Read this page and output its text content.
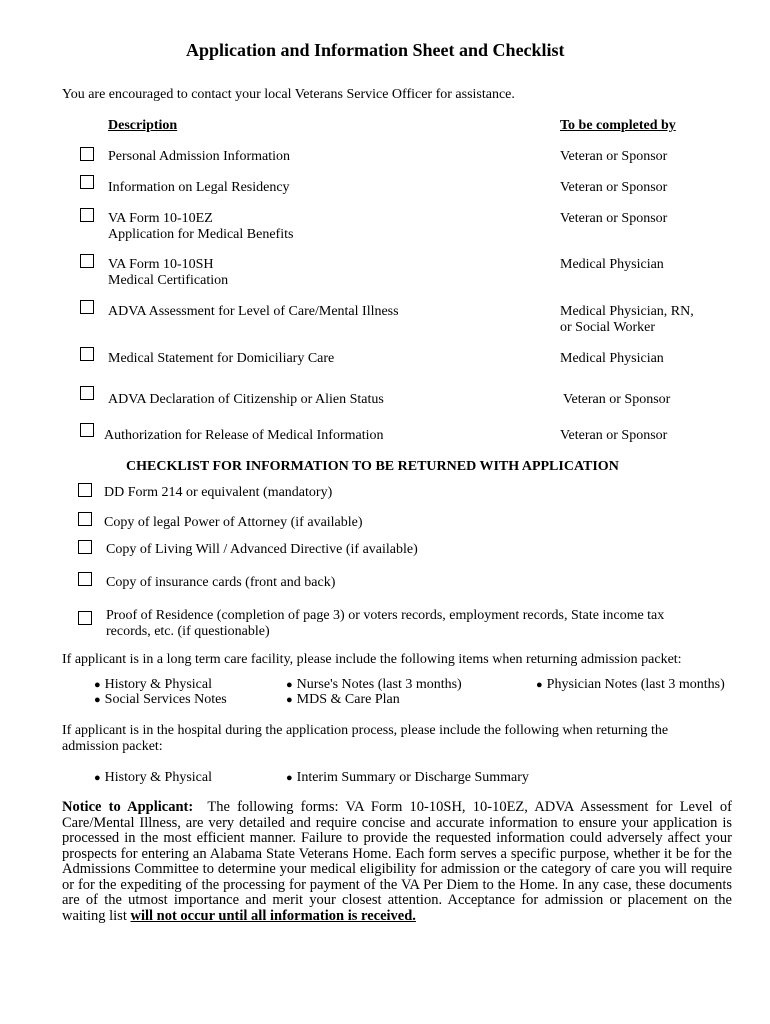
Application and Information Sheet and Checklist
You are encouraged to contact your local Veterans Service Officer for assistance.
Description	To be completed by
Personal Admission Information	Veteran or Sponsor
Information on Legal Residency	Veteran or Sponsor
VA Form 10-10EZ
Application for Medical Benefits
Veteran or Sponsor
VA Form 10-10SH
Medical Certification
Medical Physician
ADVA Assessment for Level of Care/Mental Illness	Medical Physician, RN,
or Social Worker
Medical Statement for Domiciliary Care	Medical Physician
ADVA Declaration of Citizenship or Alien Status	Veteran or Sponsor
Authorization for Release of Medical Information	Veteran or Sponsor
CHECKLIST FOR INFORMATION TO BE RETURNED WITH APPLICATION
DD Form 214 or equivalent (mandatory)
Copy of legal Power of Attorney (if available)
Copy of Living Will / Advanced Directive (if available)
Copy of insurance cards (front and back)
Proof of Residence (completion of page 3) or voters records, employment records, State income tax
records, etc. (if questionable)
If applicant is in a long term care facility, please include the following items when returning admission packet:
● History & Physical
● Social Services Notes
● Nurse's Notes (last 3 months)
● MDS & Care Plan
● Physician Notes (last 3 months)
If applicant is in the hospital during the application process, please include the following when returning the
admission packet:
● History & Physical
●	Interim Summary or Discharge Summary
Notice to Applicant: The following forms: VA Form 10-10SH, 10-10EZ, ADVA Assessment for Level of Care/Mental Illness, are very detailed and require concise and accurate information to ensure your application is processed in the most efficient manner. Failure to provide the requested information could adversely affect your prospects for entering an Alabama State Veterans Home. Each form serves a specific purpose, whether it be for the Admissions Committee to determine your medical eligibility for admission or the category of care you will require or for the expediting of the processing for payment of the VA Per Diem to the Home. In any case, these documents are of the utmost importance and merit your closest attention. Acceptance for admission or placement on the waiting list will not occur until all information is received.
